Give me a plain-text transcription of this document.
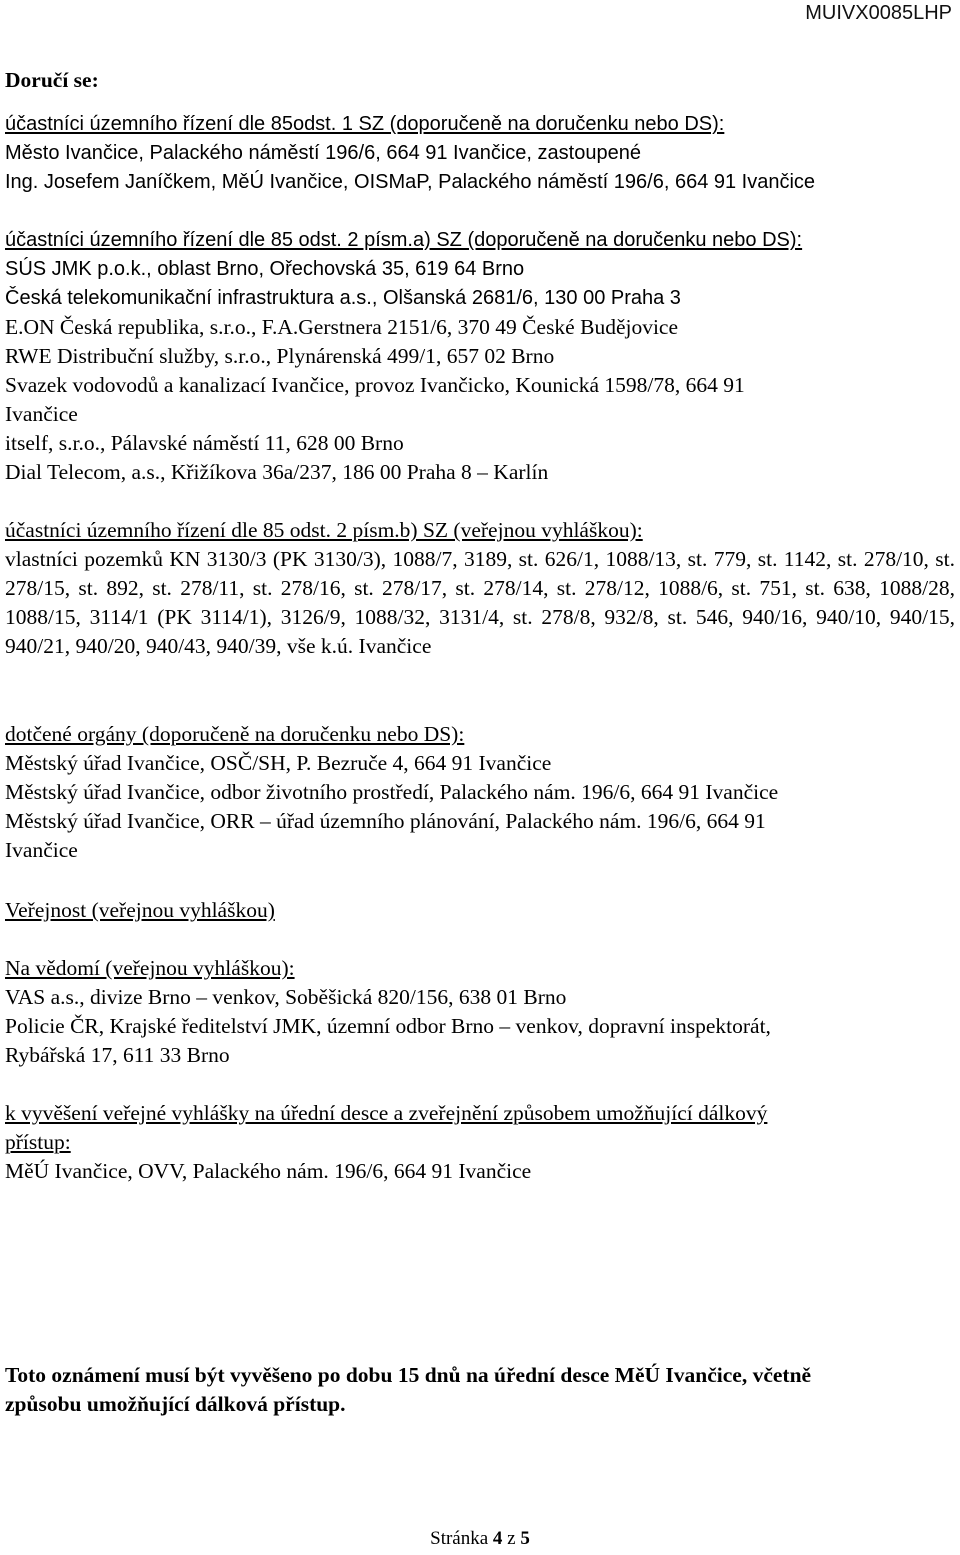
MUIVX0085LHP
Doručí se:
účastníci územního řízení dle 85odst. 1 SZ (doporučeně na doručenku nebo DS):
Město Ivančice, Palackého náměstí 196/6, 664 91 Ivančice, zastoupené
Ing. Josefem Janíčkem, MěÚ Ivančice, OISMaP, Palackého náměstí 196/6, 664 91 Ivančice
účastníci územního řízení dle 85 odst. 2 písm.a) SZ (doporučeně na doručenku nebo DS):
SÚS JMK p.o.k., oblast Brno, Ořechovská 35, 619 64 Brno
Česká telekomunikační infrastruktura a.s., Olšanská 2681/6, 130 00 Praha 3
E.ON Česká republika, s.r.o., F.A.Gerstnera 2151/6, 370 49 České Budějovice
RWE Distribuční služby, s.r.o., Plynárenská 499/1, 657 02 Brno
Svazek vodovodů a kanalizací Ivančice, provoz Ivančicko, Kounická 1598/78, 664 91
Ivančice
itself, s.r.o., Pálavské náměstí 11, 628 00 Brno
Dial Telecom, a.s., Křižíkova 36a/237, 186 00 Praha 8 – Karlín
účastníci územního řízení dle 85 odst. 2 písm.b) SZ (veřejnou vyhláškou):
vlastníci pozemků KN 3130/3 (PK 3130/3), 1088/7, 3189, st. 626/1, 1088/13, st. 779, st. 1142, st. 278/10, st. 278/15, st. 892, st. 278/11, st. 278/16, st. 278/17, st. 278/14, st. 278/12, 1088/6, st. 751, st. 638, 1088/28, 1088/15, 3114/1 (PK 3114/1), 3126/9, 1088/32, 3131/4, st. 278/8, 932/8, st. 546, 940/16, 940/10, 940/15, 940/21, 940/20, 940/43, 940/39, vše k.ú. Ivančice
dotčené orgány (doporučeně na doručenku nebo DS):
Městský úřad Ivančice, OSČ/SH, P. Bezruče 4, 664 91 Ivančice
Městský úřad Ivančice, odbor životního prostředí, Palackého nám. 196/6, 664 91 Ivančice
Městský úřad Ivančice, ORR – úřad územního plánování, Palackého nám. 196/6, 664 91
Ivančice
Veřejnost (veřejnou vyhláškou)
Na vědomí (veřejnou vyhláškou):
VAS a.s., divize Brno – venkov, Soběšická 820/156, 638 01 Brno
Policie ČR, Krajské ředitelství JMK, územní odbor Brno – venkov, dopravní inspektorát,
Rybářská 17, 611 33 Brno
k vyvěšení veřejné vyhlášky na úřední desce a zveřejnění způsobem umožňující dálkový
přístup:
MěÚ Ivančice, OVV, Palackého nám. 196/6, 664 91 Ivančice
Toto oznámení musí být vyvěšeno po dobu 15 dnů na úřední desce MěÚ Ivančice, včetně
způsobu umožňující dálková přístup.
Stránka 4 z 5
